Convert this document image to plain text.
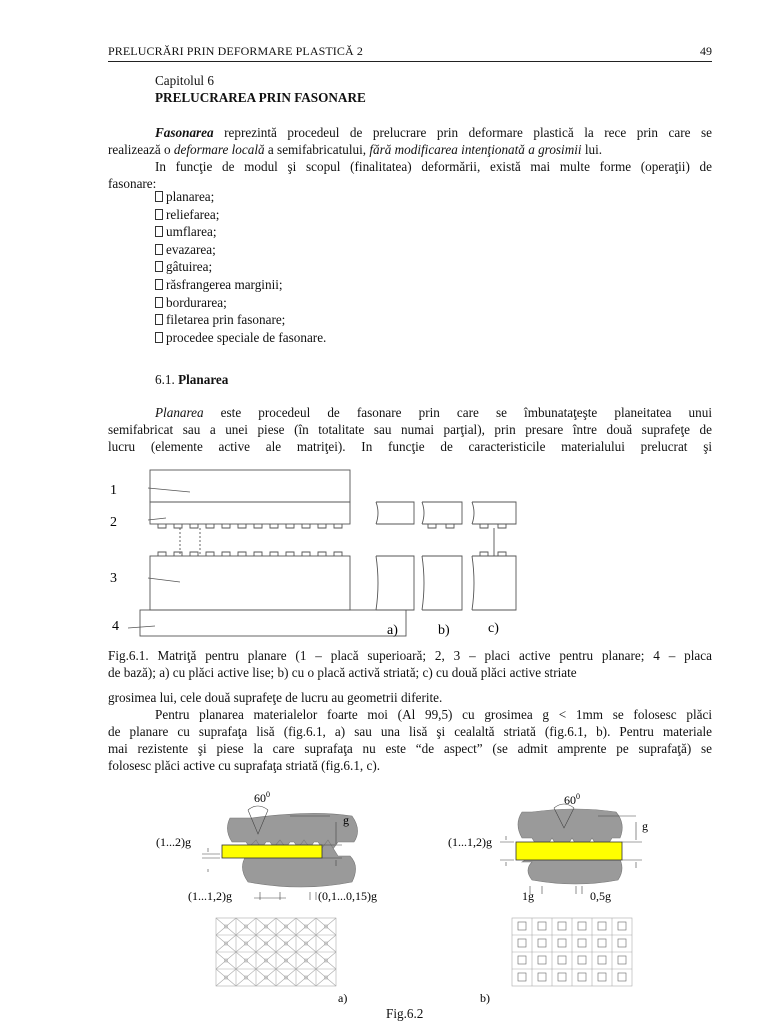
PRELUCRĂRI PRIN DEFORMARE PLASTICĂ 2	49
Capitolul 6
PRELUCRAREA PRIN FASONARE
Fasonarea reprezintă procedeul de prelucrare prin deformare plastică la rece prin care se
realizează o deformare locală a semifabricatului, fără modificarea intenţionată a grosimii lui.
In funcţie de modul şi scopul (finalitatea) deformării, există mai multe forme (operaţii) de
fasonare:
planarea;
reliefarea;
umflarea;
evazarea;
gâtuirea;
răsfrangerea marginii;
bordurarea;
filetarea prin fasonare;
procedee speciale de fasonare.
6.1. Planarea
Planarea este procedeul de fasonare prin care se îmbunataţeşte planeitatea unui
semifabricat sau a unei piese (în totalitate sau numai parţial), prin presare între două suprafeţe de
lucru (elemente active ale matriţei). In funcţie de caracteristicile materialului prelucrat şi
1
2
3
4	a)	b)	c)
Fig.6.1. Matriţă pentru planare (1 – placă superioară; 2, 3 – placi active pentru planare; 4 – placa
de bază); a) cu plăci active lise; b) cu o placă activă striată; c) cu două plăci active striate
grosimea lui, cele două suprafeţe de lucru au geometrii diferite.
Pentru planarea materialelor foarte moi (Al 99,5) cu grosimea g < 1mm se folosesc plăci
de planare cu suprafaţa lisă (fig.6.1, a) sau una lisă şi cealaltă striată (fig.6.1, b). Pentru materiale
mai rezistente şi piese la care suprafaţa nu este “de aspect” (se admit amprente pe suprafaţă) se
folosesc plăci active cu suprafaţa striată (fig.6.1, c).
$60^0$
g
(1...2)g
(1...1,2)g	(0,1...0,15)g
a)
$60^0$
g
(1...1,2)g
1g	0,5g
b)
Fig.6.2
